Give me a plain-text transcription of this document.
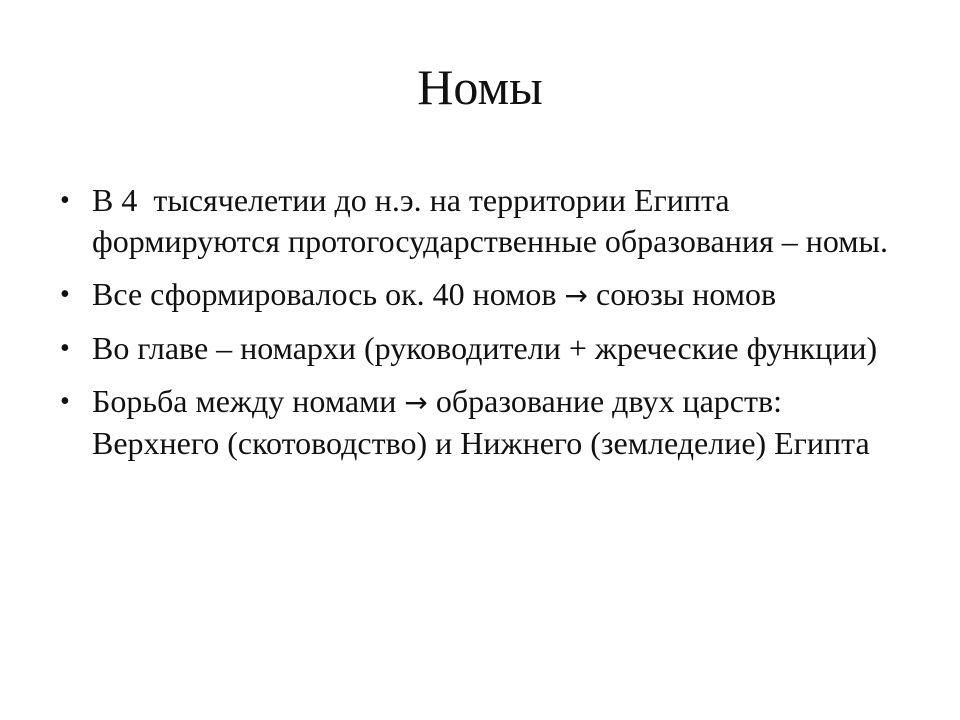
Номы
• В 4  тысячелетии до н.э. на территории Египта формируются протогосударственные образования – номы.
• Все сформировалось ок. 40 номов → союзы номов
• Во главе – номархи (руководители + жреческие функции)
• Борьба между номами → образование двух царств: Верхнего (скотоводство) и Нижнего (земледелие) Египта
